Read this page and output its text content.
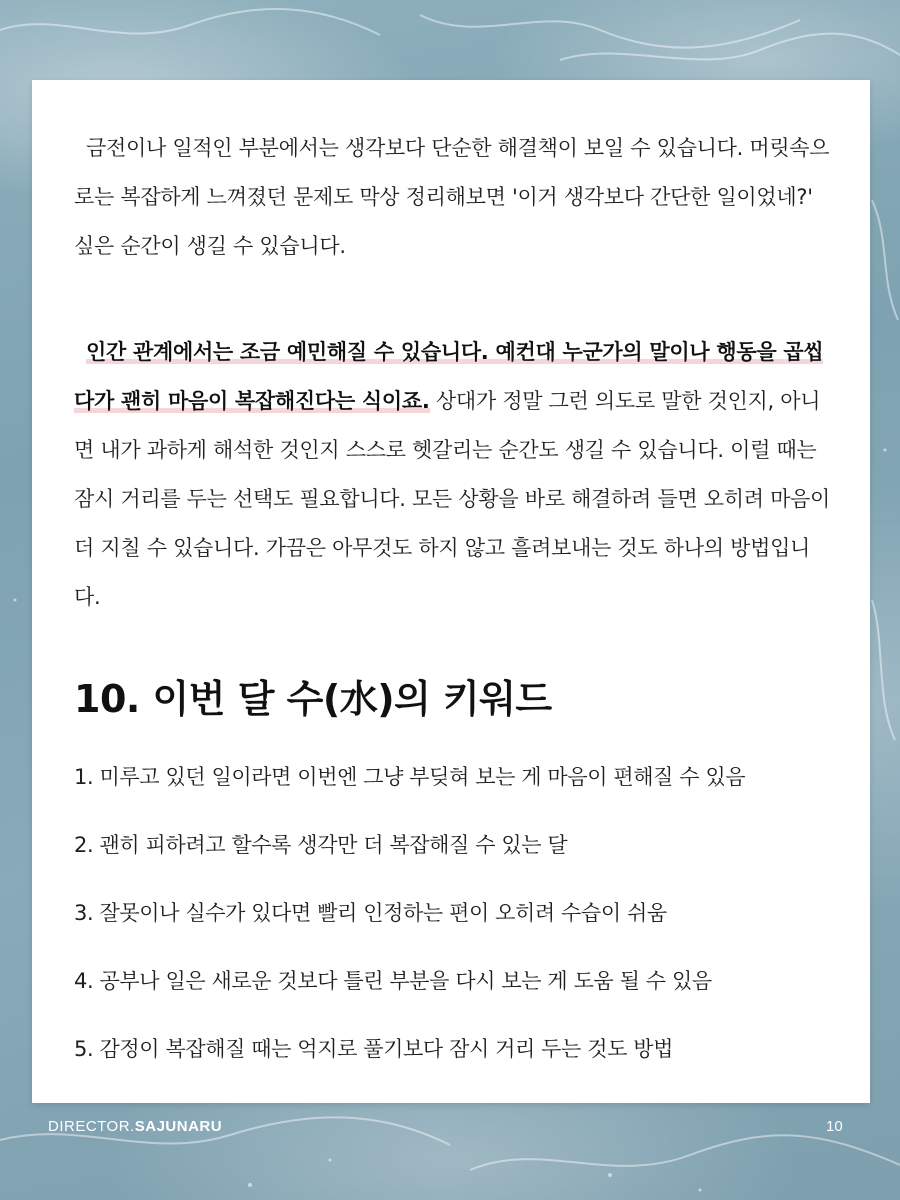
금전이나 일적인 부분에서는 생각보다 단순한 해결책이 보일 수 있습니다. 머릿속으로는 복잡하게 느껴졌던 문제도 막상 정리해보면 '이거 생각보다 간단한 일이었네?' 싶은 순간이 생길 수 있습니다.

인간 관계에서는 조금 예민해질 수 있습니다. 예컨대 누군가의 말이나 행동을 곱씹다가 괜히 마음이 복잡해진다는 식이죠. 상대가 정말 그런 의도로 말한 것인지, 아니면 내가 과하게 해석한 것인지 스스로 헷갈리는 순간도 생길 수 있습니다. 이럴 때는 잠시 거리를 두는 선택도 필요합니다. 모든 상황을 바로 해결하려 들면 오히려 마음이 더 지칠 수 있습니다. 가끔은 아무것도 하지 않고 흘려보내는 것도 하나의 방법입니다.

10. 이번 달 수(水)의 키워드
1. 미루고 있던 일이라면 이번엔 그냥 부딪혀 보는 게 마음이 편해질 수 있음
2. 괜히 피하려고 할수록 생각만 더 복잡해질 수 있는 달
3. 잘못이나 실수가 있다면 빨리 인정하는 편이 오히려 수습이 쉬움
4. 공부나 일은 새로운 것보다 틀린 부분을 다시 보는 게 도움 될 수 있음
5. 감정이 복잡해질 때는 억지로 풀기보다 잠시 거리 두는 것도 방법
DIRECTOR.SAJUNARU	10
